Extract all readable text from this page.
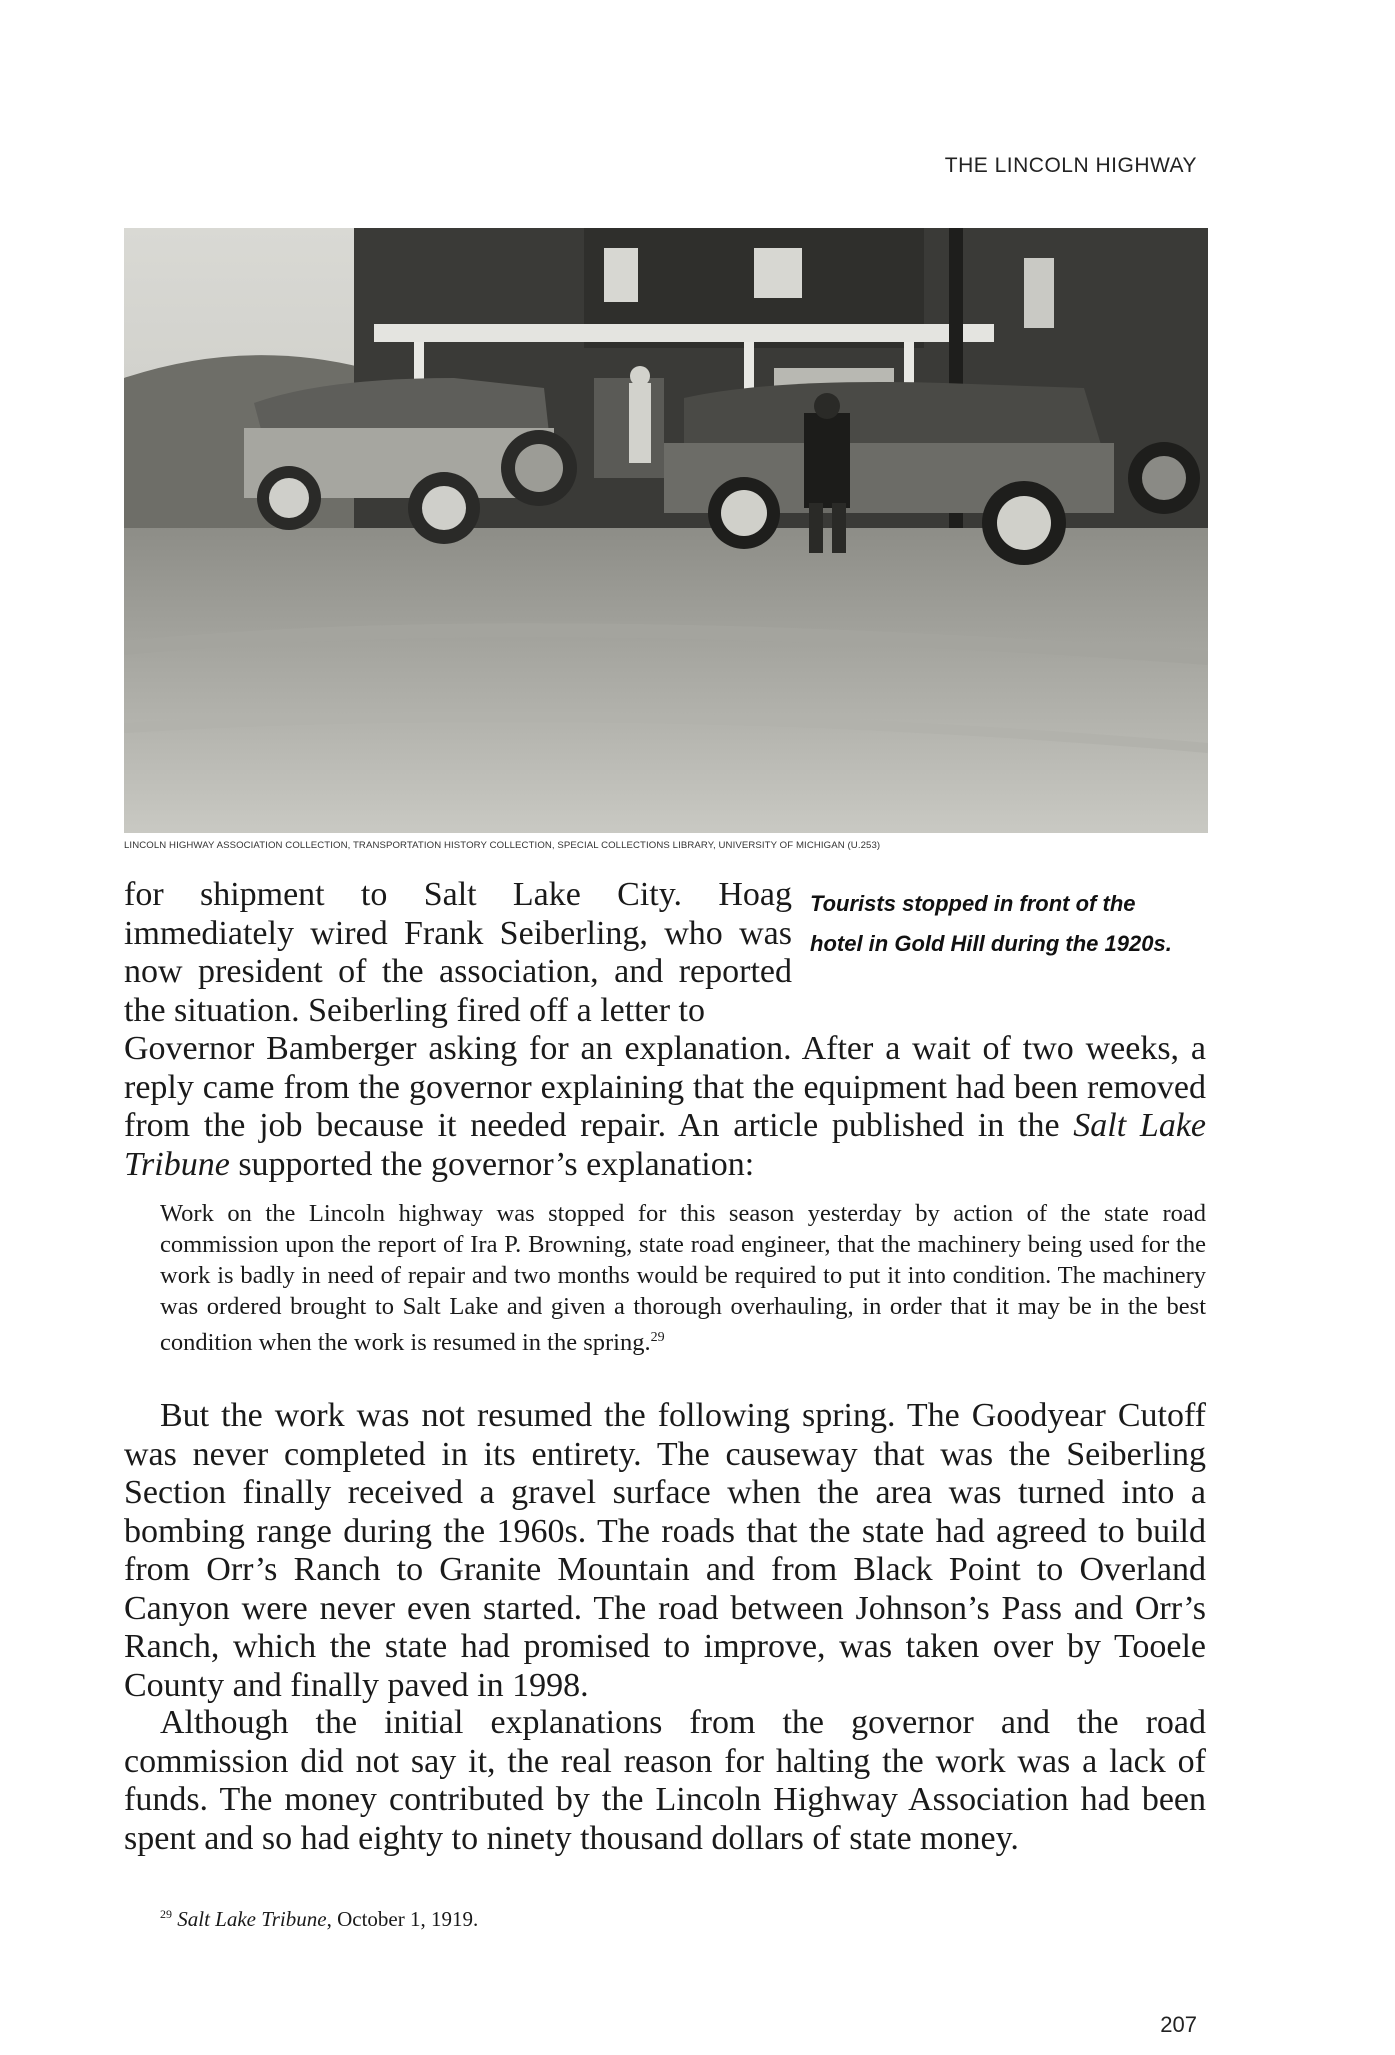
THE LINCOLN HIGHWAY
LINCOLN HIGHWAY ASSOCIATION COLLECTION, TRANSPORTATION HISTORY COLLECTION, SPECIAL COLLECTIONS LIBRARY, UNIVERSITY OF MICHIGAN (U.253)
Tourists stopped in front of the hotel in Gold Hill during the 1920s.
for shipment to Salt Lake City. Hoag immediately wired Frank Seiberling, who was now president of the association, and reported the situation. Seiberling fired off a letter to
Governor Bamberger asking for an explanation. After a wait of two weeks, a reply came from the governor explaining that the equipment had been removed from the job because it needed repair. An article published in the Salt Lake Tribune supported the governor’s explanation:
Work on the Lincoln highway was stopped for this season yesterday by action of the state road commission upon the report of Ira P. Browning, state road engineer, that the machinery being used for the work is badly in need of repair and two months would be required to put it into condition. The machinery was ordered brought to Salt Lake and given a thorough overhauling, in order that it may be in the best condition when the work is resumed in the spring.$^{29}$
But the work was not resumed the following spring. The Goodyear Cutoff was never completed in its entirety. The causeway that was the Seiberling Section finally received a gravel surface when the area was turned into a bombing range during the 1960s. The roads that the state had agreed to build from Orr’s Ranch to Granite Mountain and from Black Point to Overland Canyon were never even started. The road between Johnson’s Pass and Orr’s Ranch, which the state had promised to improve, was taken over by Tooele County and finally paved in 1998.
Although the initial explanations from the governor and the road commission did not say it, the real reason for halting the work was a lack of funds. The money contributed by the Lincoln Highway Association had been spent and so had eighty to ninety thousand dollars of state money.
$^{29}$ Salt Lake Tribune, October 1, 1919.
207
